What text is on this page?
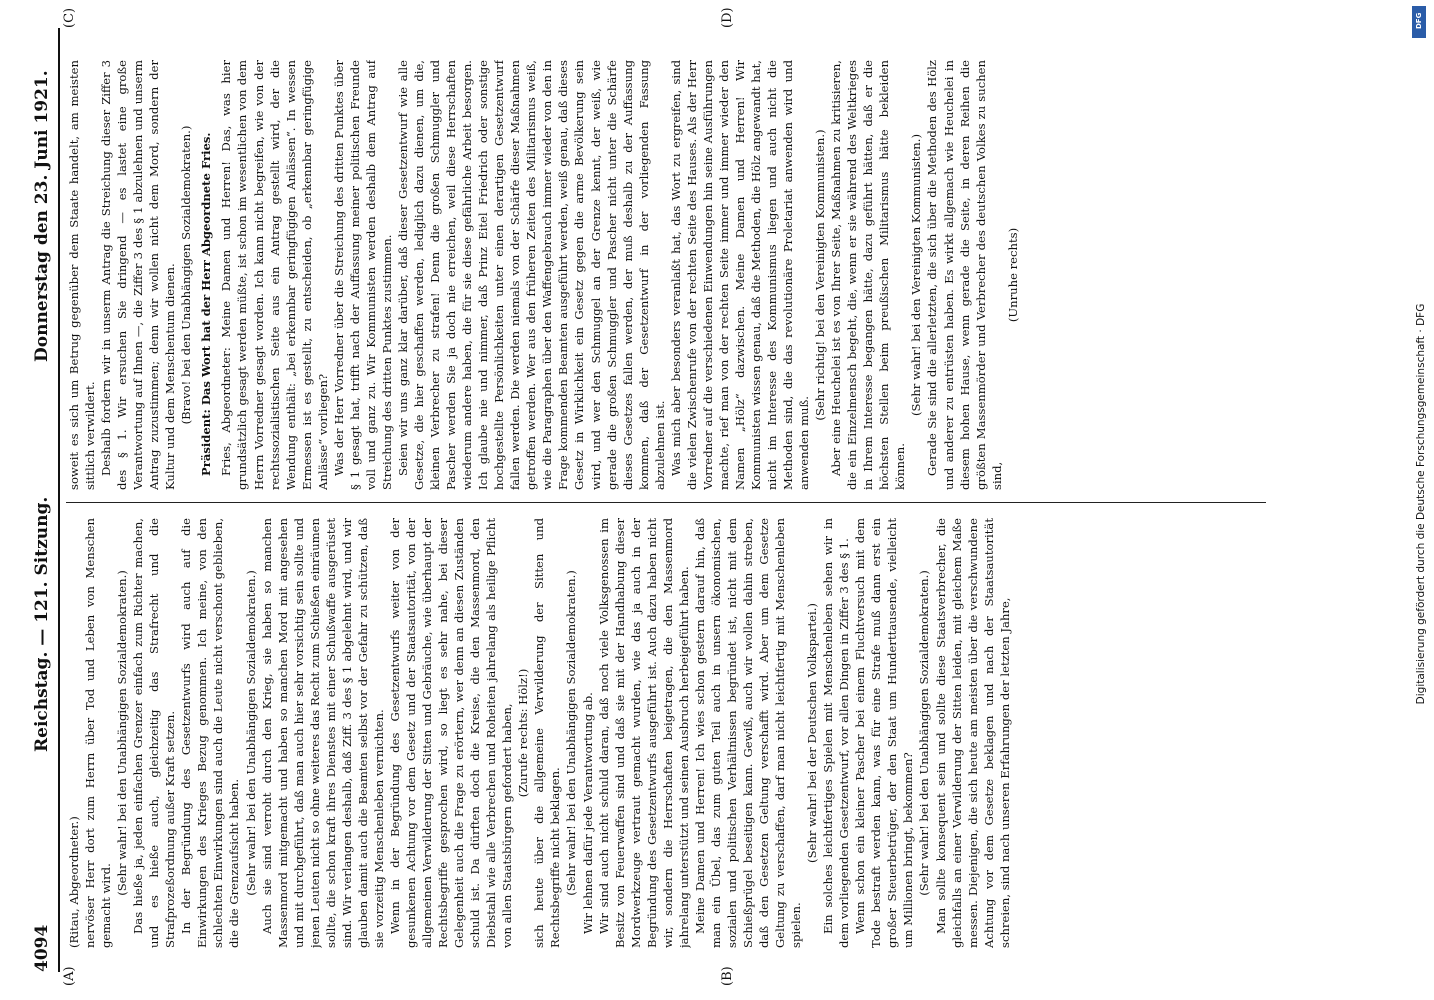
4094
Reichstag. — 121. Sitzung.
Donnerstag den 23. Juni 1921.
(A)	(B)
(C)	(D)

(Ritau, Abgeordneter.) nervöser Herr dort zum Herrn über Tod und Leben von Menschen gemacht wird.

(Sehr wahr! bei den Unabhängigen Sozialdemokraten.) Das hieße ja, jeden einfachen Grenzer einfach zum Richter machen, und es hieße auch, gleichzeitig das Strafrecht und die Strafprozeßordnung außer Kraft setzen. In der Begründung des Gesetzentwurfs wird auch auf die Einwirkungen des Krieges Bezug genommen. Ich meine, von den schlechten Einwirkungen sind auch die Leute nicht verschont geblieben, die die Grenzaufsicht haben. (Sehr wahr! bei den Unabhängigen Sozialdemokraten.) Auch sie sind verroht durch den Krieg, sie haben so manchen Massenmord mitgemacht und haben so manchen Mord mit angesehen und mit durchgeführt, daß man auch hier sehr vorsichtig sein sollte und jenen Leuten nicht so ohne weiteres das Recht zum Schießen einräumen sollte, die schon kraft ihres Dienstes mit einer Schußwaffe ausgerüstet sind. Wir verlangen deshalb, daß Ziff. 3 des § 1 abgelehnt wird, und wir glauben damit auch die Beamten selbst vor der Gefahr zu schützen, daß sie vorzeitig Menschenleben vernichten. Wenn in der Begründung des Gesetzentwurfs weiter von der gesunkenen Achtung vor dem Gesetz und der Staatsautorität, von der allgemeinen Verwilderung der Sitten und Gebräuche, wie überhaupt der Rechtsbegriffe gesprochen wird, so liegt es sehr nahe, bei dieser Gelegenheit auch die Frage zu erörtern, wer denn an diesen Zuständen schuld ist. Da dürften doch die Kreise, die den Massenmord, den Diebstahl wie alle Verbrechen und Roheiten jahrelang als heilige Pflicht von allen Staatsbürgern gefordert haben, (Zurufe rechts: Hölz!) sich heute über die allgemeine Verwilderung der Sitten und Rechtsbegriffe nicht beklagen. (Sehr wahr! bei den Unabhängigen Sozialdemokraten.) Wir lehnen dafür jede Verantwortung ab. Wir sind auch nicht schuld daran, daß noch viele Volksgenossen im Besitz von Feuerwaffen sind und daß sie mit der Handhabung dieser Mordwerkzeuge vertraut gemacht wurden, wie das ja auch in der Begründung des Gesetzentwurfs ausgeführt ist. Auch dazu haben nicht wir, sondern die Herrschaften beigetragen, die den Massenmord jahrelang unterstützt und seinen Ausbruch herbeigeführt haben. Meine Damen und Herren! Ich wies schon gestern darauf hin, daß man ein Übel, das zum guten Teil auch in unsern ökonomischen, sozialen und politischen Verhältnissen begründet ist, nicht mit dem Schießprügel beseitigen kann. Gewiß, auch wir wollen dahin streben, daß den Gesetzen Geltung verschafft wird. Aber um dem Gesetze Geltung zu verschaffen, darf man nicht leichtfertig mit Menschenleben spielen.

(Sehr wahr! bei der Deutschen Volkspartei.) Ein solches leichtfertiges Spielen mit Menschenleben sehen wir in dem vorliegenden Gesetzentwurf, vor allen Dingen in Ziffer 3 des § 1. Wenn schon ein kleiner Pascher bei einem Fluchtversuch mit dem Tode bestraft werden kann, was für eine Strafe muß dann erst ein großer Steuerbetrüger, der den Staat um Hunderttausende, vielleicht um Millionen bringt, bekommen? (Sehr wahr! bei den Unabhängigen Sozialdemokraten.) Man sollte konsequent sein und sollte diese Staatsverbrecher, die gleichfalls an einer Verwilderung der Sitten leiden, mit gleichem Maße messen. Diejenigen, die sich heute am meisten über die verschwundene Achtung vor dem Gesetze beklagen und nach der Staatsautorität schreien, sind nach unseren Erfahrungen der letzten Jahre,

soweit es sich um Betrug gegenüber dem Staate handelt, am meisten sittlich verwildert. Deshalb fordern wir in unserm Antrag die Streichung dieser Ziffer 3 des § 1. Wir ersuchen Sie dringend — es lastet eine große Verantwortung auf Ihnen —, die Ziffer 3 des § 1 abzulehnen und unserm Antrag zuzustimmen; denn wir wollen nicht dem Mord, sondern der Kultur und dem Menschentum dienen. (Bravo! bei den Unabhängigen Sozialdemokraten.) Präsident: Das Wort hat der Herr Abgeordnete Fries. Fries, Abgeordneter: Meine Damen und Herren! Das, was hier grundsätzlich gesagt werden müßte, ist schon im wesentlichen von dem Herrn Vorredner gesagt worden. Ich kann nicht begreifen, wie von der rechtssozialistischen Seite aus ein Antrag gestellt wird, der die Wendung enthält: „bei erkennbar geringfügigen Anlässen“. In wessen Ermessen ist es gestellt, zu entscheiden, ob „erkennbar geringfügige Anlässe“ vorliegen? Was der Herr Vorredner über die Streichung des dritten Punktes über § 1 gesagt hat, trifft nach der Auffassung meiner politischen Freunde voll und ganz zu. Wir Kommunisten werden deshalb dem Antrag auf Streichung des dritten Punktes zustimmen. Seien wir uns ganz klar darüber, daß dieser Gesetzentwurf wie alle Gesetze, die hier geschaffen werden, lediglich dazu dienen, um die, kleinen Verbrecher zu strafen! Denn die großen Schmuggler und Pascher werden Sie ja doch nie erreichen, weil diese Herrschaften wiederum andere haben, die für sie diese gefährliche Arbeit besorgen. Ich glaube nie und nimmer, daß Prinz Eitel Friedrich oder sonstige hochgestellte Persönlichkeiten unter einen derartigen Gesetzentwurf fallen werden. Die werden niemals von der Schärfe dieser Maßnahmen getroffen werden. Wer aus den früheren Zeiten des Militarismus weiß, wie die Paragraphen über den Waffengebrauch immer wieder von den in Frage kommenden Beamten ausgeführt werden, weiß genau, daß dieses Gesetz in Wirklichkeit ein Gesetz gegen die arme Bevölkerung sein wird, und wer den Schmuggel an der Grenze kennt, der weiß, wie gerade die großen Schmuggler und Pascher nicht unter die Schärfe dieses Gesetzes fallen werden, der muß deshalb zu der Auffassung kommen, daß der Gesetzentwurf in der vorliegenden Fassung abzulehnen ist. Was mich aber besonders veranlaßt hat, das Wort zu ergreifen, sind die vielen Zwischenrufe von der rechten Seite des Hauses. Als der Herr Vorredner auf die verschiedenen Einwendungen hin seine Ausführungen machte, rief man von der rechten Seite immer und immer wieder den Namen „Hölz“ dazwischen. Meine Damen und Herren! Wir Kommunisten wissen genau, daß die Methoden, die Hölz angewandt hat, nicht im Interesse des Kommunismus liegen und auch nicht die Methoden sind, die das revolutionäre Proletariat anwenden wird und anwenden muß.

(Sehr richtig! bei den Vereinigten Kommunisten.) Aber eine Heuchelei ist es von Ihrer Seite, Maßnahmen zu kritisieren, die ein Einzelmensch begeht, die, wenn er sie während des Weltkrieges in Ihrem Interesse begangen hätte, dazu geführt hätten, daß er die höchsten Stellen beim preußischen Militarismus hätte bekleiden können.

(Sehr wahr! bei den Vereinigten Kommunisten.) Gerade Sie sind die allerletzten, die sich über die Methoden des Hölz und anderer zu entrüsten haben. Es wirkt allgemach wie Heuchelei in diesem hohen Hause, wenn gerade die Seite, in deren Reihen die größten Massenmörder und Verbrecher des deutschen Volkes zu suchen sind,

(Unruhe rechts)

DFG
Digitalisierung gefördert durch die Deutsche Forschungsgemeinschaft · DFG
